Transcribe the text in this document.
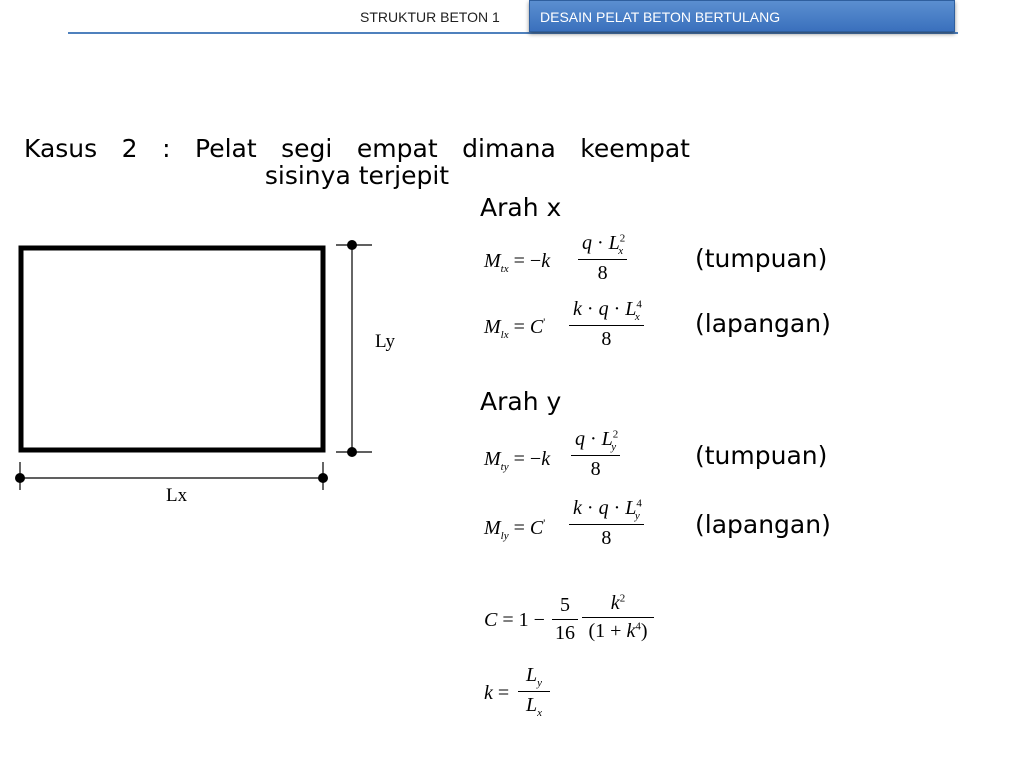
STRUKTUR BETON 1	DESAIN PELAT BETON BERTULANG
Kasus 2 : Pelat segi empat dimana keempat
sisinya terjepit
Ly
Lx
Arah x
$M_{tx} = -k$
$q \cdot L^2_x$
8	(tumpuan)
$M_{lx} = C'$
$k \cdot q \cdot L^4_x$
8
(lapangan)
Arah y
$M_{ty} = -k$
$q \cdot L^2_y$
8	(tumpuan)
$M_{ly} = C'$
$k \cdot q \cdot L^4_y$
8	(lapangan)
C = 1 −
5
16
$k^2$
$(1 + k^4)$
k =
$L_y$
$L_x$
